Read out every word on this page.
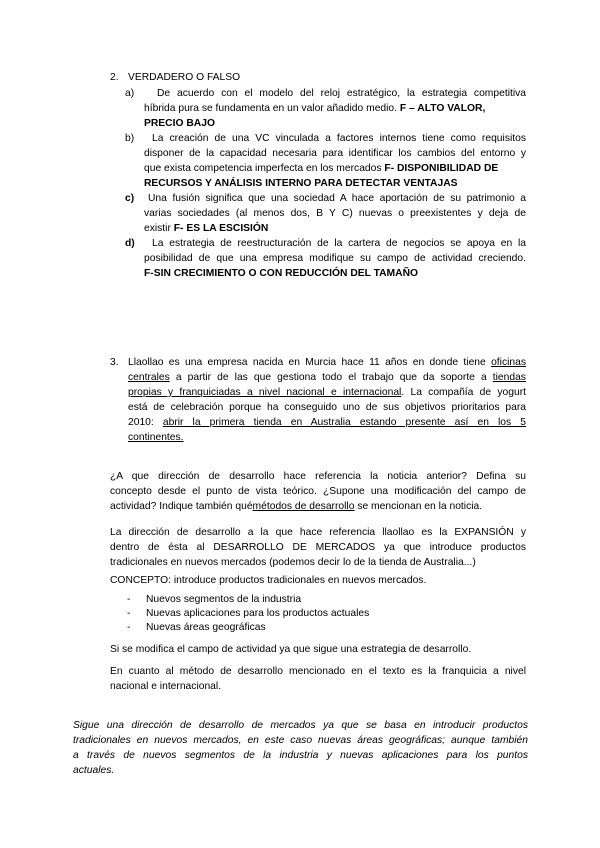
2. VERDADERO O FALSO
a) De acuerdo con el modelo del reloj estratégico, la estrategia competitiva
híbrida pura se fundamenta en un valor añadido medio. F – ALTO VALOR,
PRECIO BAJO
b) La creación de una VC vinculada a factores internos tiene como requisitos
disponer de la capacidad necesaria para identificar los cambios del entorno y
que exista competencia imperfecta en los mercados F- DISPONIBILIDAD DE
RECURSOS Y ANÁLISIS INTERNO PARA DETECTAR VENTAJAS
c) Una fusión significa que una sociedad A hace aportación de su patrimonio a
varias sociedades (al menos dos, B Y C) nuevas o preexistentes y deja de
existir F- ES LA ESCISIÓN
d) La estrategia de reestructuración de la cartera de negocios se apoya en la
posibilidad de que una empresa modifique su campo de actividad creciendo.
F-SIN CRECIMIENTO O CON REDUCCIÓN DEL TAMAÑO
3. Llaollao es una empresa nacida en Murcia hace 11 años en donde tiene oficinas
centrales a partir de las que gestiona todo el trabajo que da soporte a tiendas
propias y franquiciadas a nivel nacional e internacional. La compañía de yogurt
está de celebración porque ha conseguido uno de sus objetivos prioritarios para
2010: abrir la primera tienda en Australia estando presente así en los 5
continentes.
¿A que dirección de desarrollo hace referencia la noticia anterior? Defina su
concepto desde el punto de vista teórico. ¿Supone una modificación del campo de
actividad? Indique también quémétodos de desarrollo se mencionan en la noticia.
La dirección de desarrollo a la que hace referencia llaollao es la EXPANSIÓN y
dentro de ésta al DESARROLLO DE MERCADOS ya que introduce productos
tradicionales en nuevos mercados (podemos decir lo de la tienda de Australia...)
CONCEPTO: introduce productos tradicionales en nuevos mercados.
- Nuevos segmentos de la industria
- Nuevas aplicaciones para los productos actuales
- Nuevas áreas geográficas
Si se modifica el campo de actividad ya que sigue una estrategia de desarrollo.
En cuanto al método de desarrollo mencionado en el texto es la franquicia a nivel
nacional e internacional.
Sigue una dirección de desarrollo de mercados ya que se basa en introducir productos
tradicionales en nuevos mercados, en este caso nuevas áreas geográficas; aunque también
a través de nuevos segmentos de la industria y nuevas aplicaciones para los puntos
actuales.
